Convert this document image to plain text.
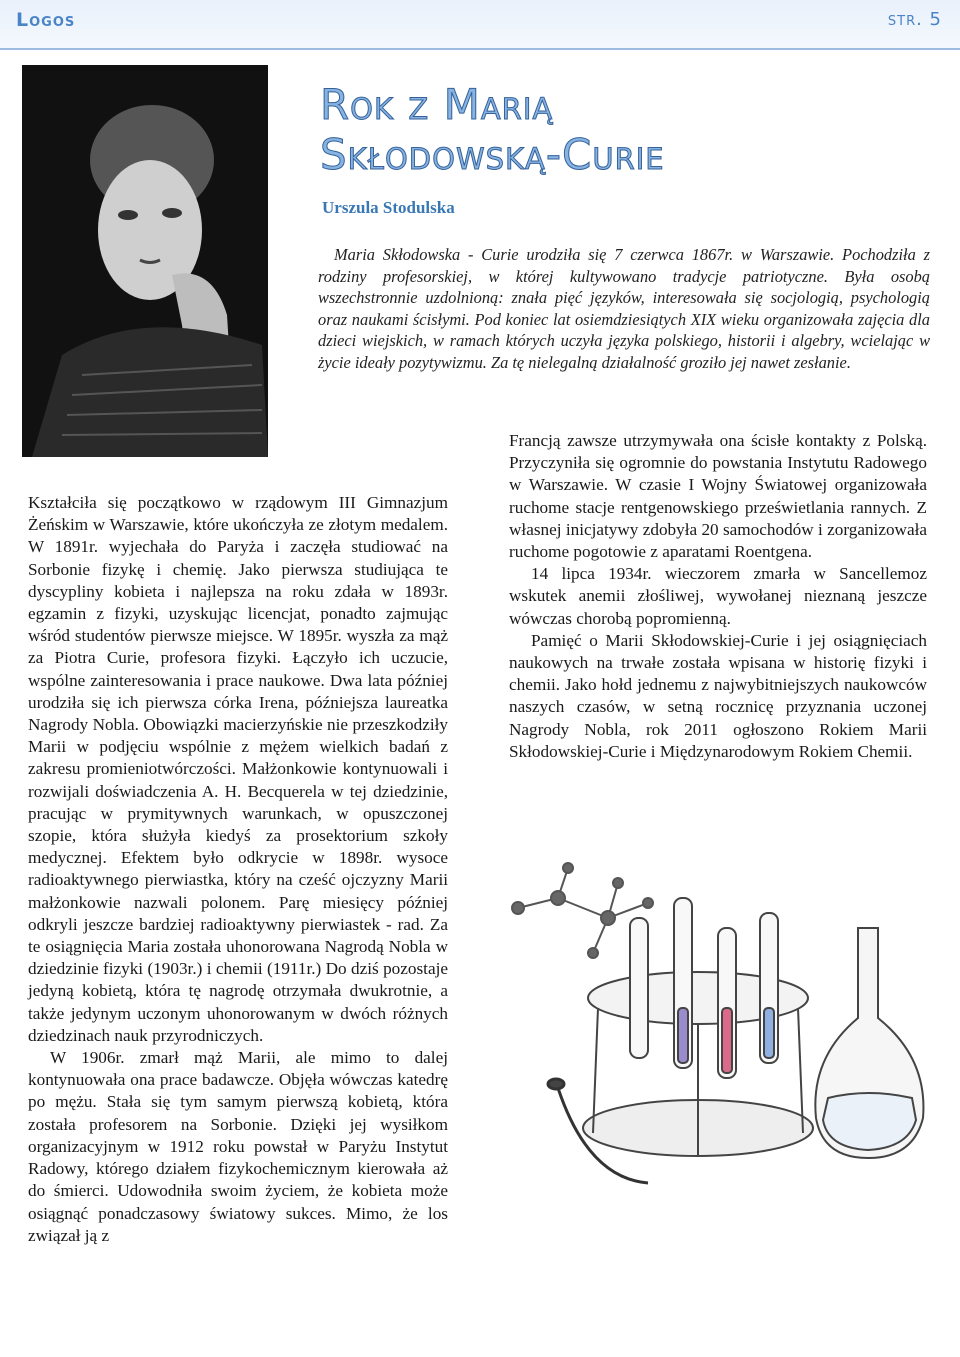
Logos	str. 5
Rok z Marią
Skłodowską-Curie
Urszula Stodulska

Maria Skłodowska - Curie urodziła się 7 czerwca 1867r. w Warszawie. Pochodziła z rodziny profesorskiej, w której kultywowano tradycje patriotyczne. Była osobą wszechstronnie uzdolnioną: znała pięć języków, interesowała się socjologią, psychologią oraz naukami ścisłymi. Pod koniec lat osiemdziesiątych XIX wieku organizowała zajęcia dla dzieci wiejskich, w ramach których uczyła języka polskiego, historii i algebry, wcielając w życie ideały pozytywizmu. Za tę nielegalną działalność groziło jej nawet zesłanie.

Kształciła się początkowo w rządowym III Gimnazjum Żeńskim w Warszawie, które ukończyła ze złotym medalem. W 1891r. wyjechała do Paryża i zaczęła studiować na Sorbonie fizykę i chemię. Jako pierwsza studiująca te dyscypliny kobieta i najlepsza na roku zdała w 1893r. egzamin z fizyki, uzyskując licencjat, ponadto zajmując wśród studentów pierwsze miejsce. W 1895r. wyszła za mąż za Piotra Curie, profesora fizyki. Łączyło ich uczucie, wspólne zainteresowania i prace naukowe. Dwa lata później urodziła się ich pierwsza córka Irena, późniejsza laureatka Nagrody Nobla. Obowiązki macierzyńskie nie przeszkodziły Marii w podjęciu wspólnie z mężem wielkich badań z zakresu promieniotwórczości. Małżonkowie kontynuowali i rozwijali doświadczenia A. H. Becquerela w tej dziedzinie, pracując w prymitywnych warunkach, w opuszczonej szopie, która służyła kiedyś za prosektorium szkoły medycznej. Efektem było odkrycie w 1898r. wysoce radioaktywnego pierwiastka, który na cześć ojczyzny Marii małżonkowie nazwali polonem. Parę miesięcy później odkryli jeszcze bardziej radioaktywny pierwiastek - rad. Za te osiągnięcia Maria została uhonorowana Nagrodą Nobla w dziedzinie fizyki (1903r.) i chemii (1911r.) Do dziś pozostaje jedyną kobietą, która tę nagrodę otrzymała dwukrotnie, a także jedynym uczonym uhonorowanym w dwóch różnych dziedzinach nauk przyrodniczych.

W 1906r. zmarł mąż Marii, ale mimo to dalej kontynuowała ona prace badawcze. Objęła wówczas katedrę po mężu. Stała się tym samym pierwszą kobietą, która została profesorem na Sorbonie. Dzięki jej wysiłkom organizacyjnym w 1912 roku powstał w Paryżu Instytut Radowy, którego działem fizykochemicznym kierowała aż do śmierci. Udowodniła swoim życiem, że kobieta może osiągnąć ponadczasowy światowy sukces. Mimo, że los związał ją z

Francją zawsze utrzymywała ona ścisłe kontakty z Polską. Przyczyniła się ogromnie do powstania Instytutu Radowego w Warszawie. W czasie I Wojny Światowej organizowała ruchome stacje rentgenowskiego prześwietlania rannych. Z własnej inicjatywy zdobyła 20 samochodów i zorganizowała ruchome pogotowie z aparatami Roentgena.

14 lipca 1934r. wieczorem zmarła w Sancellemoz wskutek anemii złośliwej, wywołanej nieznaną jeszcze wówczas chorobą popromienną.

Pamięć o Marii Skłodowskiej-Curie i jej osiągnięciach naukowych na trwałe została wpisana w historię fizyki i chemii. Jako hołd jednemu z najwybitniejszych naukowców naszych czasów, w setną rocznicę przyznania uczonej Nagrody Nobla, rok 2011 ogłoszono Rokiem Marii Skłodowskiej-Curie i Międzynarodowym Rokiem Chemii.
